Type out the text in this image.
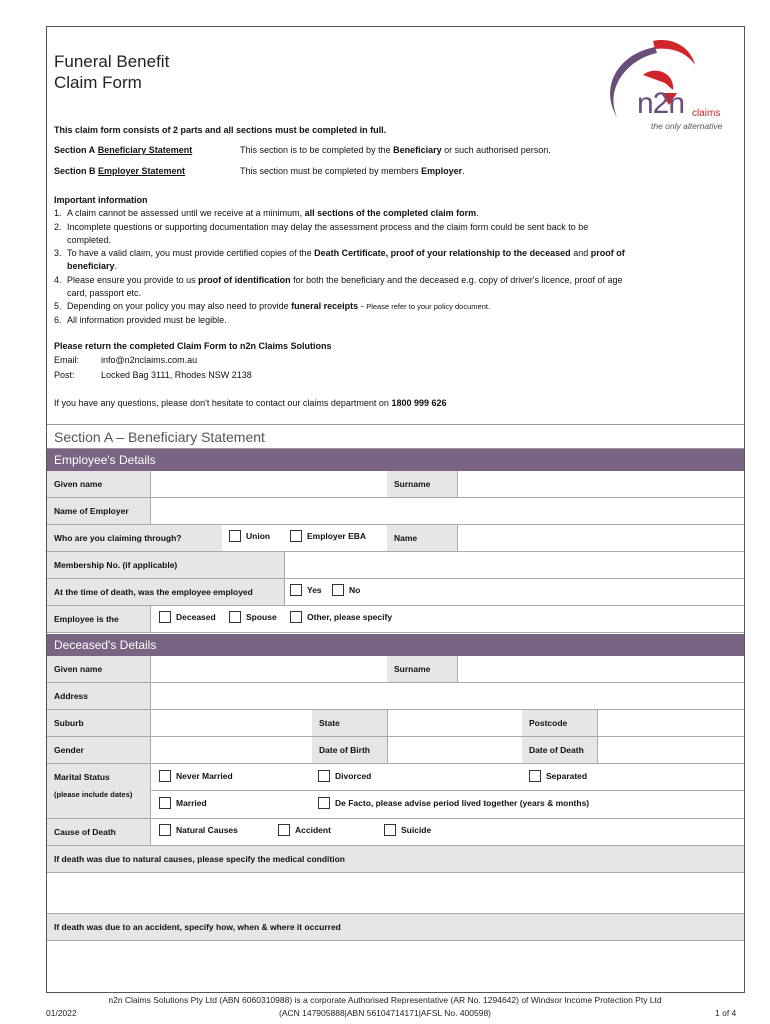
Funeral Benefit
Claim Form
n2n claims
the only alternative
This claim form consists of 2 parts and all sections must be completed in full.
Section A Beneficiary Statement	This section is to be completed by the Beneficiary or such authorised person.
Section B Employer Statement	This section must be completed by members Employer.
Important information
1. A claim cannot be assessed until we receive at a minimum, all sections of the completed claim form.
2. Incomplete questions or supporting documentation may delay the assessment process and the claim form could be sent back to be
completed.
3. To have a valid claim, you must provide certified copies of the Death Certificate, proof of your relationship to the deceased and proof of
beneficiary.
4. Please ensure you provide to us proof of identification for both the beneficiary and the deceased e.g. copy of driver's licence, proof of age
card, passport etc.
5. Depending on your policy you may also need to provide funeral receipts - Please refer to your policy document.
6. All information provided must be legible.
Please return the completed Claim Form to n2n Claims Solutions
Email: info@n2nclaims.com.au
Post:	Locked Bag 3111, Rhodes NSW 2138
If you have any questions, please don't hesitate to contact our claims department on 1800 999 626
Section A – Beneficiary Statement
Employee's Details
Given name	Surname
Name of Employer
Who are you claiming through?	Union	Employer EBA	Name
Membership No. (if applicable)
At the time of death, was the employee employed	Yes	No
Employee is the	Deceased	Spouse	Other, please specify
Deceased's Details
Given name	Surname
Address
Suburb	State	Postcode
Gender	Date of Birth	Date of Death
Marital Status
(please include dates)
Never Married	Divorced	Separated
Married	De Facto, please advise period lived together (years & months)
Cause of Death	Natural Causes	Accident	Suicide
If death was due to natural causes, please specify the medical condition
If death was due to an accident, specify how, when & where it occurred
n2n Claims Solutions Pty Ltd (ABN 6060310988) is a corporate Authorised Representative (AR No. 1294642) of Windsor Income Protection Pty Ltd
(ACN 147905888|ABN 56104714171|AFSL No. 400598)
01/2022	1 of 4
